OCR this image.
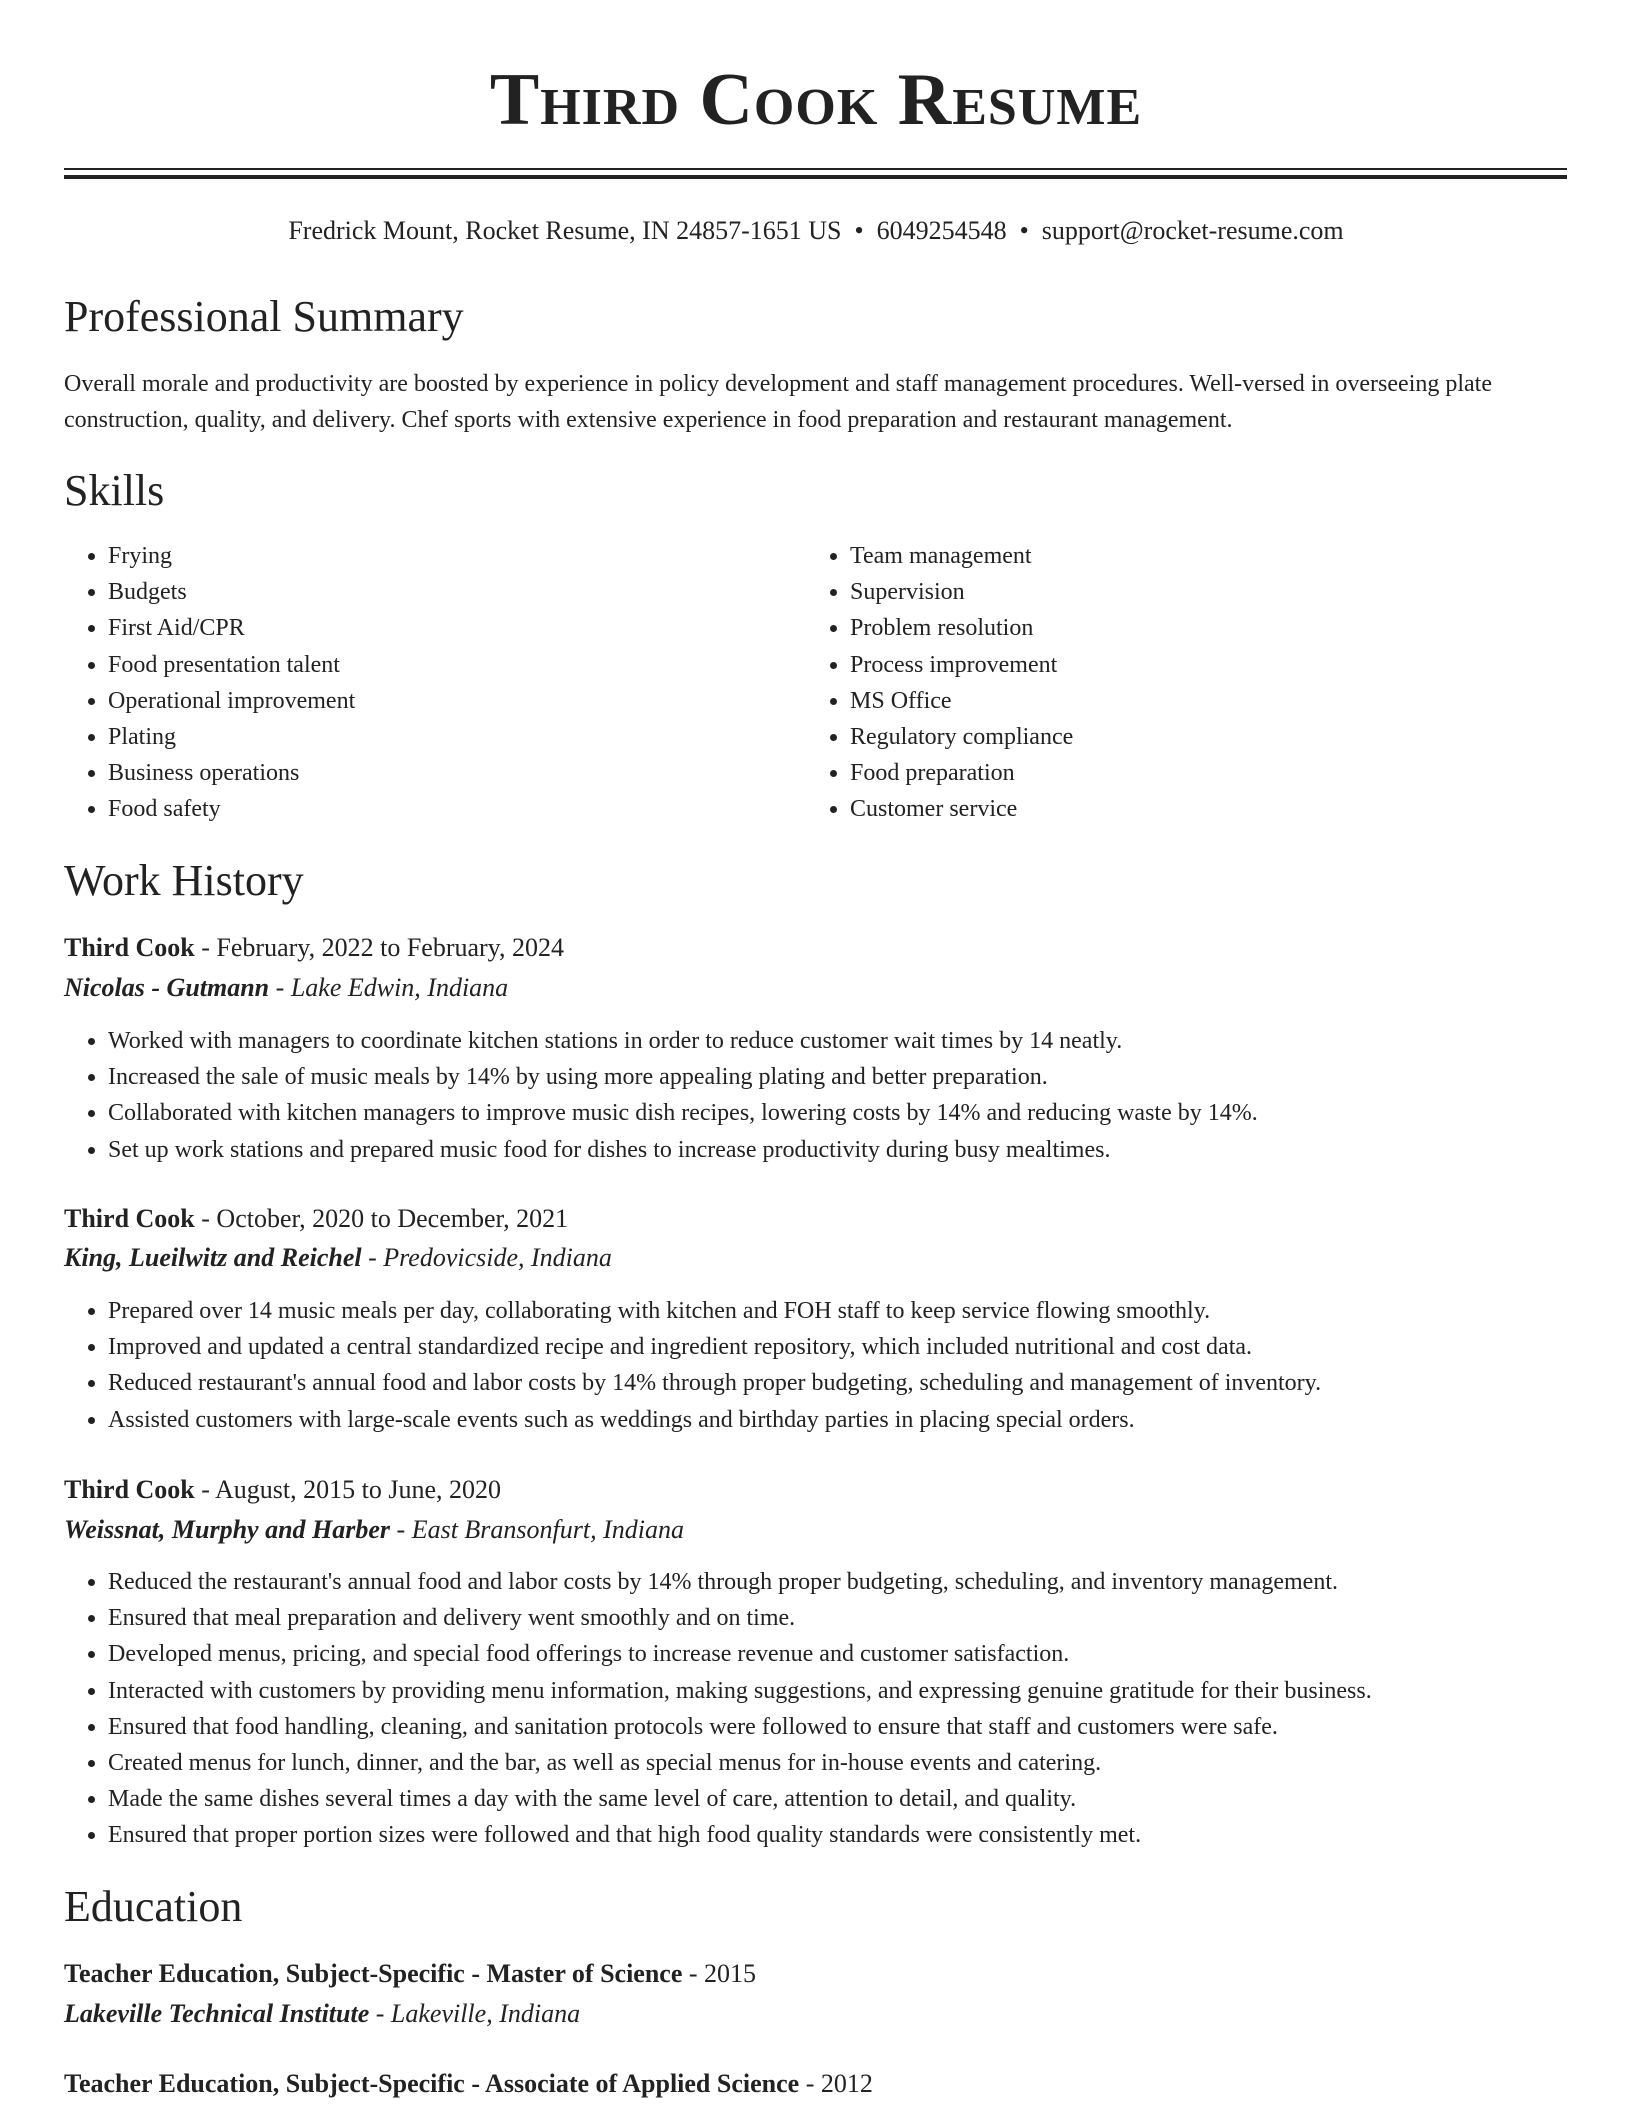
Third Cook Resume
Fredrick Mount, Rocket Resume, IN 24857-1651 US • 6049254548 • support@rocket-resume.com
Professional Summary

Overall morale and productivity are boosted by experience in policy development and staff management procedures. Well-versed in overseeing plate construction, quality, and delivery. Chef sports with extensive experience in food preparation and restaurant management.

Skills
• Frying
• Budgets
• First Aid/CPR
• Food presentation talent
• Operational improvement
• Plating
• Business operations
• Food safety
• Team management
• Supervision
• Problem resolution
• Process improvement
• MS Office
• Regulatory compliance
• Food preparation
• Customer service
Work History
Third Cook - February, 2022 to February, 2024
Nicolas - Gutmann - Lake Edwin, Indiana
• Worked with managers to coordinate kitchen stations in order to reduce customer wait times by 14 neatly.
• Increased the sale of music meals by 14% by using more appealing plating and better preparation.
• Collaborated with kitchen managers to improve music dish recipes, lowering costs by 14% and reducing waste by 14%.
• Set up work stations and prepared music food for dishes to increase productivity during busy mealtimes.
Third Cook - October, 2020 to December, 2021
King, Lueilwitz and Reichel - Predovicside, Indiana
• Prepared over 14 music meals per day, collaborating with kitchen and FOH staff to keep service flowing smoothly.
• Improved and updated a central standardized recipe and ingredient repository, which included nutritional and cost data.
• Reduced restaurant's annual food and labor costs by 14% through proper budgeting, scheduling and management of inventory.
• Assisted customers with large-scale events such as weddings and birthday parties in placing special orders.
Third Cook - August, 2015 to June, 2020
Weissnat, Murphy and Harber - East Bransonfurt, Indiana
• Reduced the restaurant's annual food and labor costs by 14% through proper budgeting, scheduling, and inventory management.
• Ensured that meal preparation and delivery went smoothly and on time.
• Developed menus, pricing, and special food offerings to increase revenue and customer satisfaction.
• Interacted with customers by providing menu information, making suggestions, and expressing genuine gratitude for their business.
• Ensured that food handling, cleaning, and sanitation protocols were followed to ensure that staff and customers were safe.
• Created menus for lunch, dinner, and the bar, as well as special menus for in-house events and catering.
• Made the same dishes several times a day with the same level of care, attention to detail, and quality.
• Ensured that proper portion sizes were followed and that high food quality standards were consistently met.
Education
Teacher Education, Subject-Specific - Master of Science - 2015
Lakeville Technical Institute - Lakeville, Indiana
Teacher Education, Subject-Specific - Associate of Applied Science - 2012
